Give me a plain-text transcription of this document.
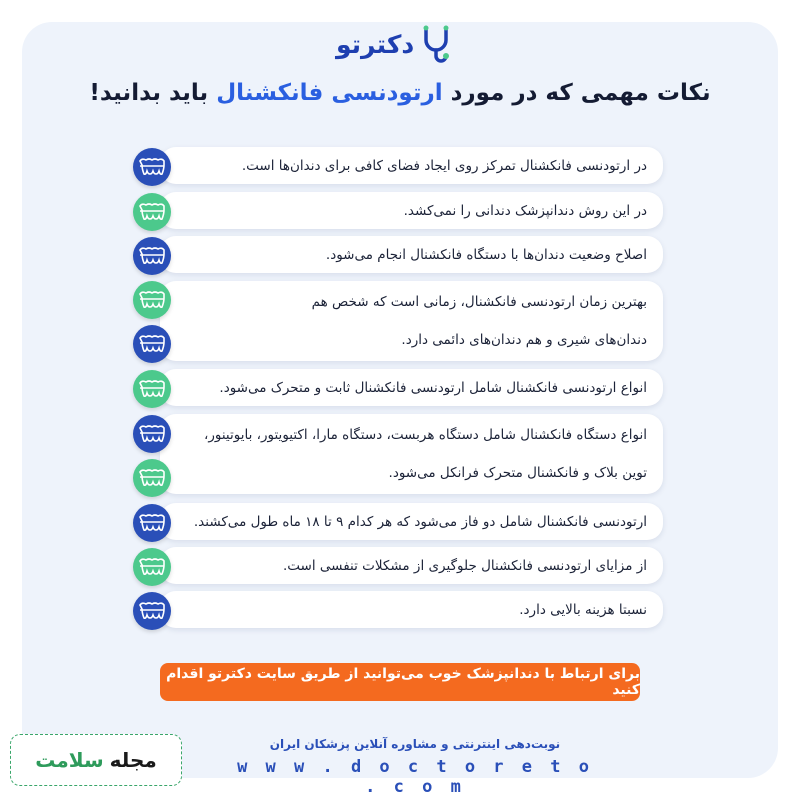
دکترتو
نکات مهمی که در مورد ارتودنسی فانکشنال باید بدانید!
در ارتودنسی فانکشنال تمرکز روی ایجاد فضای کافی برای دندان‌ها است.
در این روش دندانپزشک دندانی را نمی‌کشد.
اصلاح وضعیت دندان‌ها با دستگاه فانکشنال انجام می‌شود.
بهترین زمان ارتودنسی فانکشنال، زمانی است که شخص هم
دندان‌های شیری و هم دندان‌های دائمی دارد.
انواع ارتودنسی فانکشنال شامل ارتودنسی فانکشنال ثابت و متحرک می‌شود.
انواع دستگاه فانکشنال شامل دستگاه هربست، دستگاه مارا، اکتیویتور، بایوتینور،
توین بلاک و فانکشنال متحرک فرانکل می‌شود.
ارتودنسی فانکشنال شامل دو فاز می‌شود که هر کدام ۹ تا ۱۸ ماه طول می‌کشند.
از مزایای ارتودنسی فانکشنال جلوگیری از مشکلات تنفسی است.
نسبتا هزینه بالایی دارد.
برای ارتباط با دندانپزشک خوب می‌توانید از طریق سایت دکترتو اقدام کنید
نوبت‌دهی اینترنتی و مشاوره آنلاین پزشکان ایران
w w w . d o c t o r e t o . c o m
مجله
سلامت
